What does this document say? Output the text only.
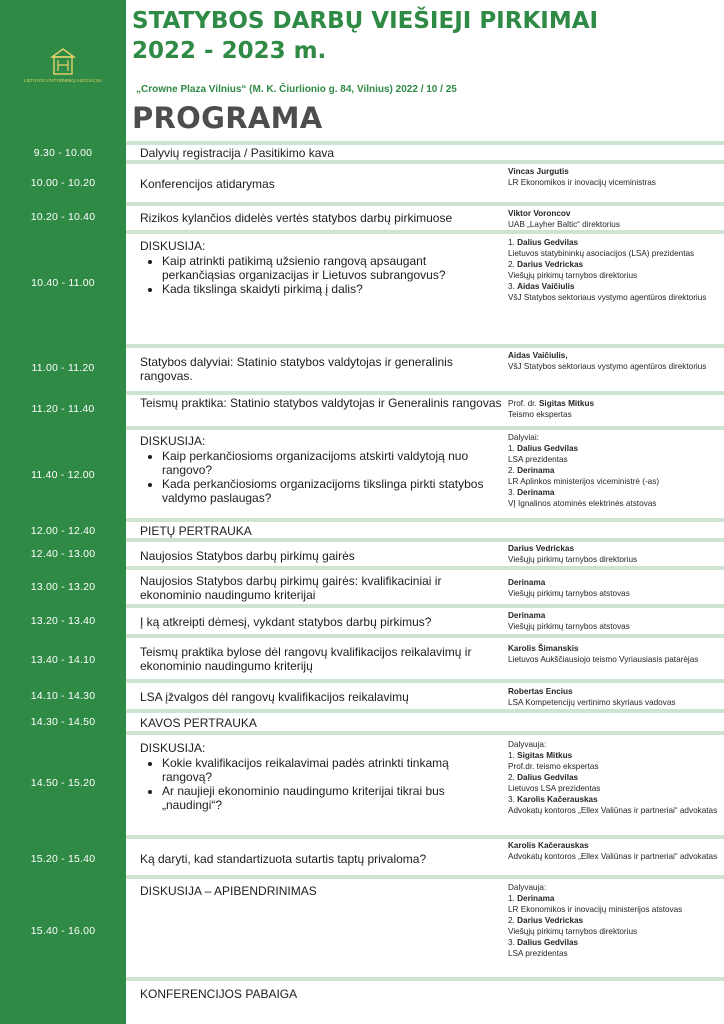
LIETUVOS STATYBININKŲ ASOCIACIJA
9.30 - 10.00
10.00 - 10.20
10.20 - 10.40
10.40 - 11.00
11.00 - 11.20
11.20 - 11.40
11.40 - 12.00
12.00 - 12.40
12.40 - 13.00
13.00 - 13.20
13.20 - 13.40
13.40 - 14.10
14.10 - 14.30
14.30 - 14.50
14.50 - 15.20
15.20 - 15.40
15.40 - 16.00
STATYBOS DARBŲ VIEŠIEJI PIRKIMAI
2022 - 2023 m.
„Crowne Plaza Vilnius“ (M. K. Čiurlionio g. 84, Vilnius) 2022 / 10 / 25
PROGRAMA
Dalyvių registracija / Pasitikimo kava
Konferencijos atidarymas
Rizikos kylančios didelės vertės statybos darbų pirkimuose
DISKUSIJA:
• Kaip atrinkti patikimą užsienio rangovą apsaugant perkančiąsias organizacijas ir Lietuvos subrangovus?
• Kada tikslinga skaidyti pirkimą į dalis?
Statybos dalyviai: Statinio statybos valdytojas ir generalinis rangovas.
Teismų praktika: Statinio statybos valdytojas ir Generalinis rangovas
DISKUSIJA:
• Kaip perkančiosioms organizacijoms atskirti valdytoją nuo rangovo?
• Kada perkančiosioms organizacijoms tikslinga pirkti statybos valdymo paslaugas?
PIETŲ PERTRAUKA
Naujosios Statybos darbų pirkimų gairės
Naujosios Statybos darbų pirkimų gairės: kvalifikaciniai ir ekonominio naudingumo kriterijai
Į ką atkreipti dėmesį, vykdant statybos darbų pirkimus?
Teismų praktika bylose dėl rangovų kvalifikacijos reikalavimų ir ekonominio naudingumo kriterijų
LSA įžvalgos dėl rangovų kvalifikacijos reikalavimų
KAVOS PERTRAUKA
DISKUSIJA:
• Kokie kvalifikacijos reikalavimai padės atrinkti tinkamą rangovą?
• Ar naujieji ekonominio naudingumo kriterijai tikrai bus „naudingi“?
Ką daryti, kad standartizuota sutartis taptų privaloma?
DISKUSIJA – APIBENDRINIMAS
KONFERENCIJOS PABAIGA
Vincas Jurgutis
LR Ekonomikos ir inovacijų viceministras
Viktor Voroncov
UAB „Layher Baltic“ direktorius
1. Dalius Gedvilas
Lietuvos statybininkų asociacijos (LSA) prezidentas
2. Darius Vedrickas
Viešųjų pirkimų tarnybos direktorius
3. Aidas Vaičiulis
VšJ Statybos sektoriaus vystymo agentūros direktorius
Aidas Vaičiulis,
VšJ Statybos sektoriaus vystymo agentūros direktorius
Prof. dr. Sigitas Mitkus
Teismo ekspertas
Dalyviai:
1. Dalius Gedvilas
LSA prezidentas
2. Derinama
LR Aplinkos ministerijos viceministrė (-as)
3. Derinama
VĮ Ignalinos atominės elektrinės atstovas
Darius Vedrickas
Viešųjų pirkimų tarnybos direktorius
Derinama
Viešųjų pirkimų tarnybos atstovas
Derinama
Viešųjų pirkimų tarnybos atstovas
Karolis Šimanskis
Lietuvos Aukščiausiojo teismo Vyriausiasis patarėjas
Robertas Encius
LSA Kompetencijų vertinimo skyriaus vadovas
Dalyvauja:
1. Sigitas Mitkus
Prof.dr. teismo ekspertas
2. Dalius Gedvilas
Lietuvos LSA prezidentas
3. Karolis Kačerauskas
Advokatų kontoros „Ellex Valiūnas ir partneriai“ advokatas
Karolis Kačerauskas
Advokatų kontoros „Ellex Valiūnas ir partneriai“ advokatas
Dalyvauja:
1. Derinama
LR Ekonomikos ir inovacijų ministerijos atstovas
2. Darius Vedrickas
Viešųjų pirkimų tarnybos direktorius
3. Dalius Gedvilas
LSA prezidentas
